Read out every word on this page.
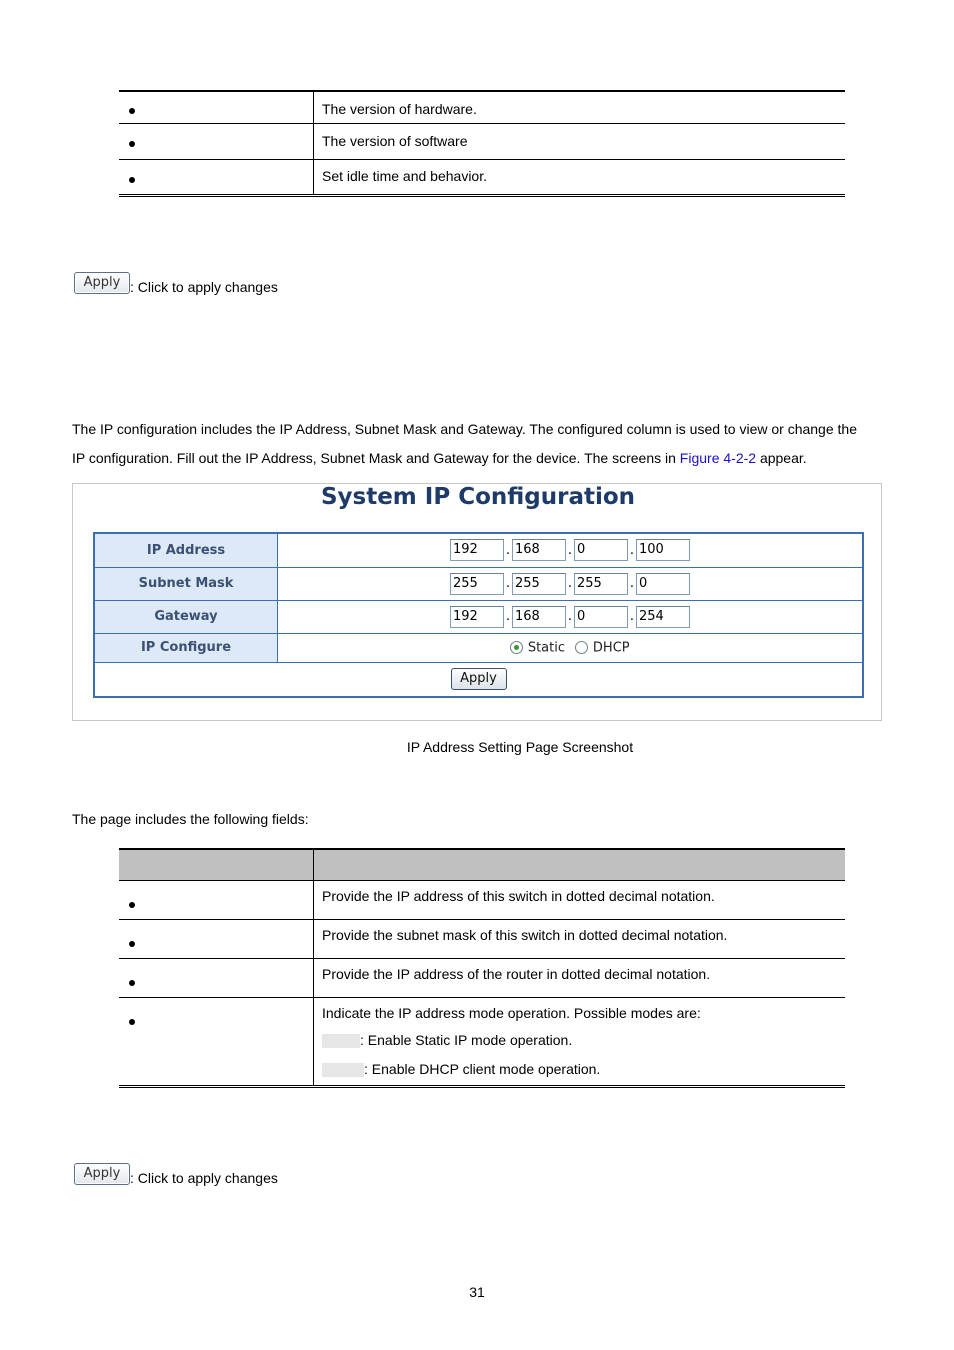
	The version of hardware.
	The version of software
	Set idle time and behavior.
Apply : Click to apply changes
The IP configuration includes the IP Address, Subnet Mask and Gateway. The configured column is used to view or change the
IP configuration. Fill out the IP Address, Subnet Mask and Gateway for the device. The screens in Figure 4-2-2 appear.
System IP Configuration
IP Address	192 . 168 . 0 . 100
Subnet Mask	255 . 255 . 255 . 0
Gateway	192 . 168 . 0 . 254
IP Configure	Static DHCP
Apply	
IP Address Setting Page Screenshot
The page includes the following fields:

	Provide the IP address of this switch in dotted decimal notation.
	Provide the subnet mask of this switch in dotted decimal notation.
	Provide the IP address of the router in dotted decimal notation.

	Indicate the IP address mode operation. Possible modes are:
: Enable Static IP mode operation.
: Enable DHCP client mode operation.
Apply : Click to apply changes
31
